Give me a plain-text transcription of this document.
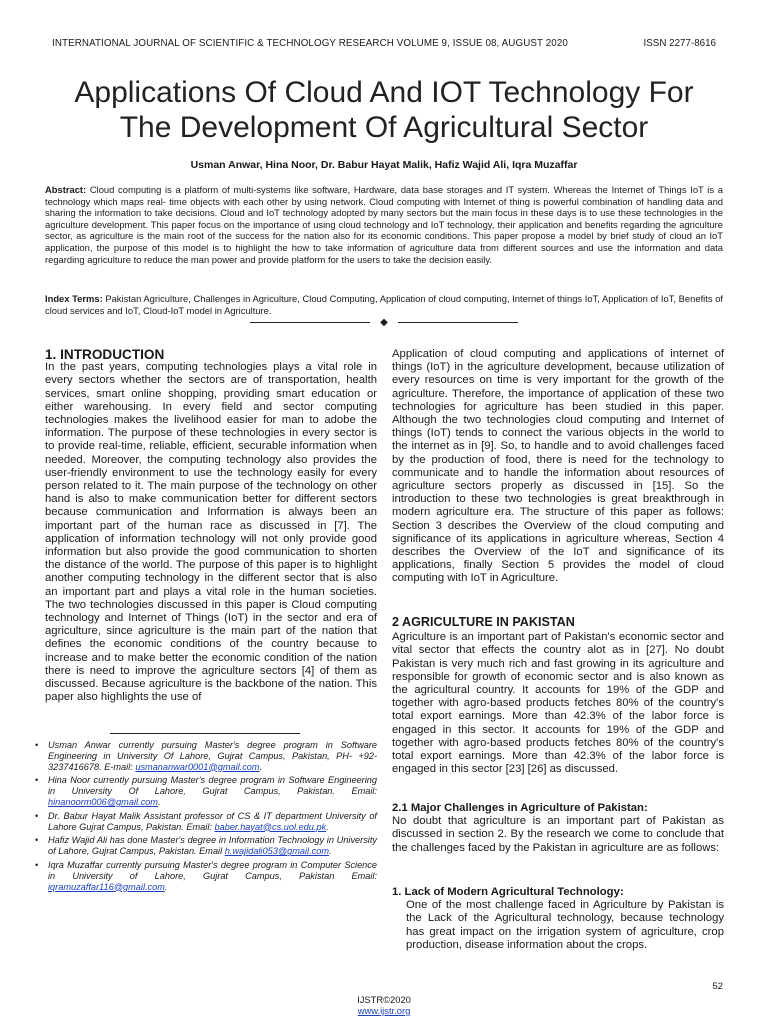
INTERNATIONAL JOURNAL OF SCIENTIFIC & TECHNOLOGY RESEARCH VOLUME 9, ISSUE 08, AUGUST 2020	ISSN 2277-8616
Applications Of Cloud And IOT Technology For
The Development Of Agricultural Sector
Usman Anwar, Hina Noor, Dr. Babur Hayat Malik, Hafiz Wajid Ali, Iqra Muzaffar
Abstract: Cloud computing is a platform of multi-systems like software, Hardware, data base storages and IT system. Whereas the Internet of Things IoT is a technology which maps real- time objects with each other by using network. Cloud computing with Internet of thing is powerful combination of handling data and sharing the information to take decisions. Cloud and IoT technology adopted by many sectors but the main focus in these days is to use these technologies in the agriculture development. This paper focus on the importance of using cloud technology and IoT technology, their application and benefits regarding the agriculture sector, as agriculture is the main root of the success for the nation also for its economic conditions. This paper propose a model by brief study of cloud an IoT application, the purpose of this model is to highlight the how to take information of agriculture data from different sources and use the information and data regarding agriculture to reduce the man power and provide platform for the users to take the decision easily.
Index Terms: Pakistan Agriculture, Challenges in Agriculture, Cloud Computing, Application of cloud computing, Internet of things IoT, Application of IoT, Benefits of cloud services and IoT, Cloud-IoT model in Agriculture.
◆
1. INTRODUCTION
In the past years, computing technologies plays a vital role in every sectors whether the sectors are of transportation, health services, smart online shopping, providing smart education or either warehousing. In every field and sector computing technologies makes the livelihood easier for man to adobe the information. The purpose of these technologies in every sector is to provide real-time, reliable, efficient, securable information when needed. Moreover, the computing technology also provides the user-friendly environment to use the technology easily for every person related to it. The main purpose of the technology on other hand is also to make communication better for different sectors because communication and Information is always been an important part of the human race as discussed in [7]. The application of information technology will not only provide good information but also provide the good communication to shorten the distance of the world. The purpose of this paper is to highlight another computing technology in the different sector that is also an important part and plays a vital role in the human societies. The two technologies discussed in this paper is Cloud computing technology and Internet of Things (IoT) in the sector and era of agriculture, since agriculture is the main part of the nation that defines the economic conditions of the country because to increase and to make better the economic condition of the nation there is need to improve the agriculture sectors [4] of them as discussed. Because agriculture is the backbone of the nation. This paper also highlights the use of
• Usman Anwar currently pursuing Master's degree program in Software Engineering in University Of Lahore, Gujrat Campus, Pakistan, PH- +92-3237416678. E-mail: usmananwar0001@gmail.com.
• Hina Noor currently pursuing Master's degree program in Software Engineering in University Of Lahore, Gujrat Campus, Pakistan. Email: hinanoorm006@gmail.com.
• Dr. Babur Hayat Malik Assistant professor of CS & IT department University of Lahore Gujrat Campus, Pakistan. Email: baber.hayat@cs.uol.edu.pk.
• Hafiz Wajid Ali has done Master's degree in Information Technology in University of Lahore, Gujrat Campus, Pakistan. Email h.wajidali053@gmail.com.
• Iqra Muzaffar currently pursuing Master's degree program in Computer Science in University of Lahore, Gujrat Campus, Pakistan Email: iqramuzaffar116@gmail.com.
Application of cloud computing and applications of internet of things (IoT) in the agriculture development, because utilization of every resources on time is very important for the growth of the agriculture. Therefore, the importance of application of these two technologies for agriculture has been studied in this paper. Although the two technologies cloud computing and Internet of things (IoT) tends to connect the various objects in the world to the internet as in [9]. So, to handle and to avoid challenges faced by the production of food, there is need for the technology to communicate and to handle the information about resources of agriculture sectors properly as discussed in [15]. So the introduction to these two technologies is great breakthrough in modern agriculture era. The structure of this paper as follows: Section 3 describes the Overview of the cloud computing and significance of its applications in agriculture whereas, Section 4 describes the Overview of the IoT and significance of its applications, finally Section 5 provides the model of cloud computing with IoT in Agriculture.
2 AGRICULTURE IN PAKISTAN
Agriculture is an important part of Pakistan's economic sector and vital sector that effects the country alot as in [27]. No doubt Pakistan is very much rich and fast growing in its agriculture and responsible for growth of economic sector and is also known as the agricultural country. It accounts for 19% of the GDP and together with agro-based products fetches 80% of the country's total export earnings. More than 42.3% of the labor force is engaged in this sector. It accounts for 19% of the GDP and together with agro-based products fetches 80% of the country's total export earnings. More than 42.3% of the labor force is engaged in this sector [23] [26] as discussed.
2.1 Major Challenges in Agriculture of Pakistan:
No doubt that agriculture is an important part of Pakistan as discussed in section 2. By the research we come to conclude that the challenges faced by the Pakistan in agriculture are as follows:
1. Lack of Modern Agricultural Technology:
One of the most challenge faced in Agriculture by Pakistan is the Lack of the Agricultural technology, because technology has great impact on the irrigation system of agriculture, crop production, disease information about the crops.
52
IJSTR©2020
www.ijstr.org
